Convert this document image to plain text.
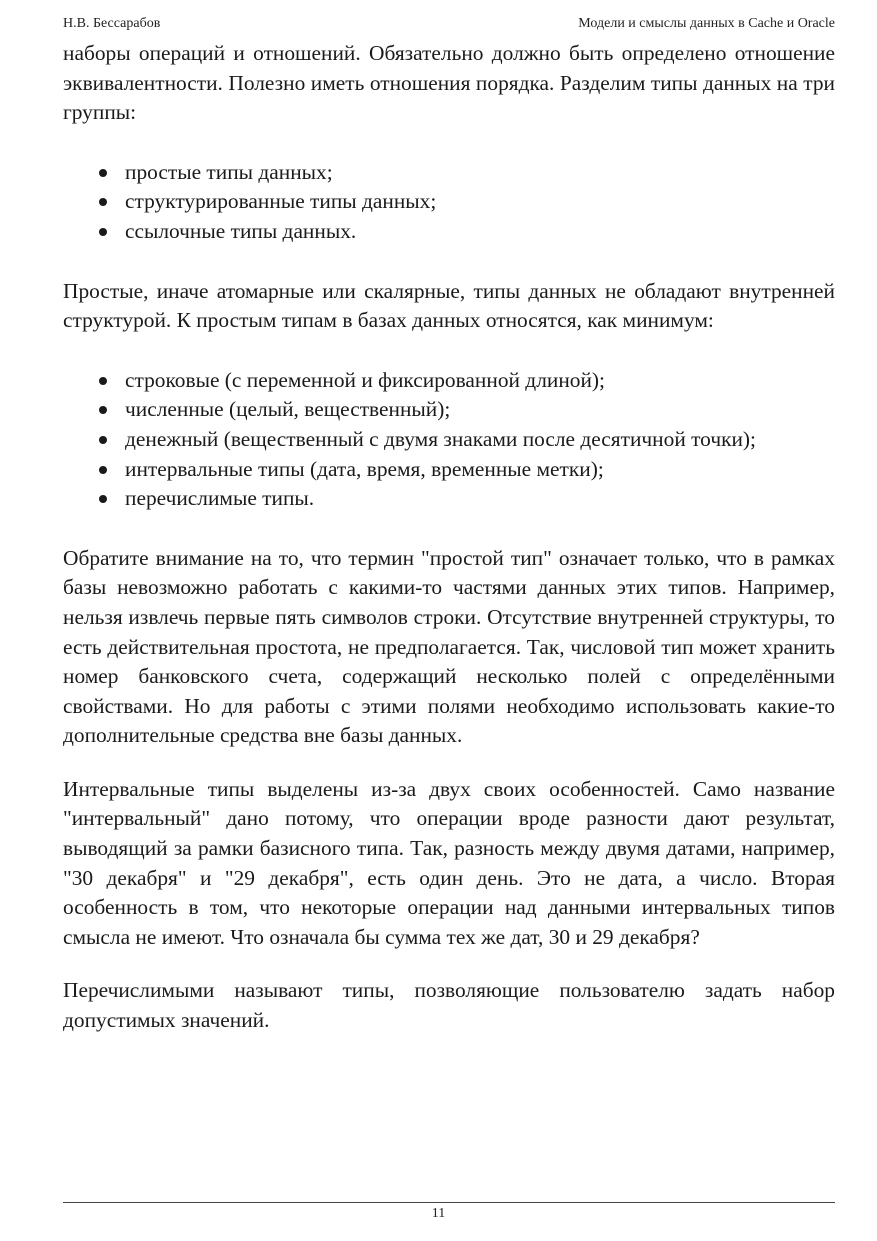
Н.В. Бессарабов	Модели и смыслы данных в Cache и Oracle

наборы операций и отношений. Обязательно должно быть определено отношение эквивалентности. Полезно иметь отношения порядка. Разделим типы данных на три группы:

простые типы данных;
структурированные типы данных;
ссылочные типы данных.

Простые, иначе атомарные или скалярные, типы данных не обладают внутренней структурой. К простым типам в базах данных относятся, как минимум:

строковые (с переменной и фиксированной длиной);
численные (целый, вещественный);
денежный (вещественный с двумя знаками после десятичной точки);
интервальные типы (дата, время, временные метки);
перечислимые типы.

Обратите внимание на то, что термин "простой тип" означает только, что в рамках базы невозможно работать с какими-то частями данных этих типов. Например, нельзя извлечь первые пять символов строки. Отсутствие внутренней структуры, то есть действительная простота, не предполагается. Так, числовой тип может хранить номер банковского счета, содержащий несколько полей с определёнными свойствами. Но для работы с этими полями необходимо использовать какие-то дополнительные средства вне базы данных.

Интервальные типы выделены из-за двух своих особенностей. Само название "интервальный" дано потому, что операции вроде разности дают результат, выводящий за рамки базисного типа. Так, разность между двумя датами, например, "30 декабря" и "29 декабря", есть один день. Это не дата, а число. Вторая особенность в том, что некоторые операции над данными интервальных типов смысла не имеют. Что означала бы сумма тех же дат, 30 и 29 декабря?

Перечислимыми называют типы, позволяющие пользователю задать набор допустимых значений.

11
